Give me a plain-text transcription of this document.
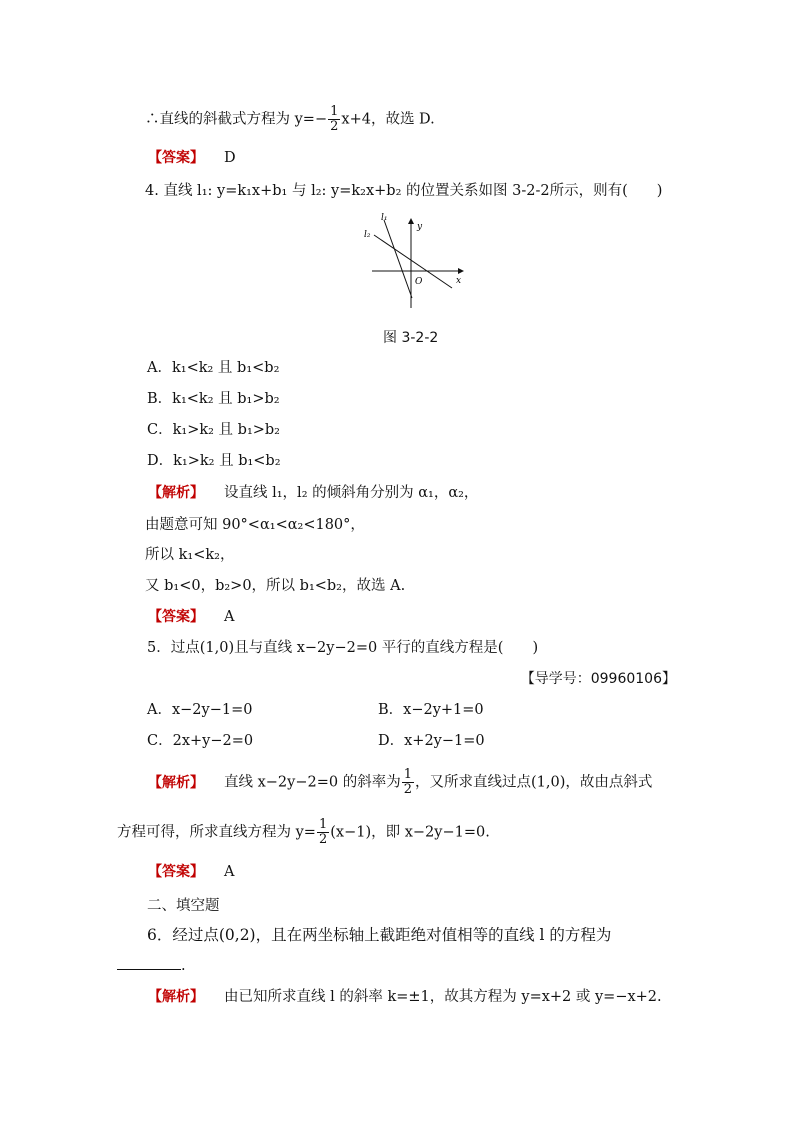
∴直线的斜截式方程为 $y=- \frac{1}{2} x+4$，故选 D.
【答案】 D
4. 直线 l₁: y=k₁x+b₁ 与 l₂: y=k₂x+b₂ 的位置关系如图 3-2-2所示，则有(　　)
l₁
l₂
y
x
O
图 3-2-2
A．k₁<k₂ 且 b₁<b₂
B．k₁<k₂ 且 b₁>b₂
C．k₁>k₂ 且 b₁>b₂
D．k₁>k₂ 且 b₁<b₂
【解析】 设直线 l₁，l₂ 的倾斜角分别为 α₁，α₂，
由题意可知 90°<α₁<α₂<180°，
所以 k₁<k₂，
又 b₁<0，b₂>0，所以 b₁<b₂，故选 A.
【答案】 A
5．过点(1,0)且与直线 x−2y−2=0 平行的直线方程是(　　)
【导学号：09960106】
A．x−2y−1=0	B．x−2y+1=0
C．2x+y−2=0	D．x+2y−1=0
【解析】 直线 x−2y−2=0 的斜率为 $\frac{1}{2}$ ，又所求直线过点(1,0)，故由点斜式
方程可得，所求直线方程为 $y= \frac{1}{2} (x-1)$，即 x−2y−1=0.
【答案】 A
二、填空题
6．经过点(0,2)，且在两坐标轴上截距绝对值相等的直线 l 的方程为
.
【解析】 由已知所求直线 l 的斜率 k=±1，故其方程为 y=x+2 或 y=−x+2.
